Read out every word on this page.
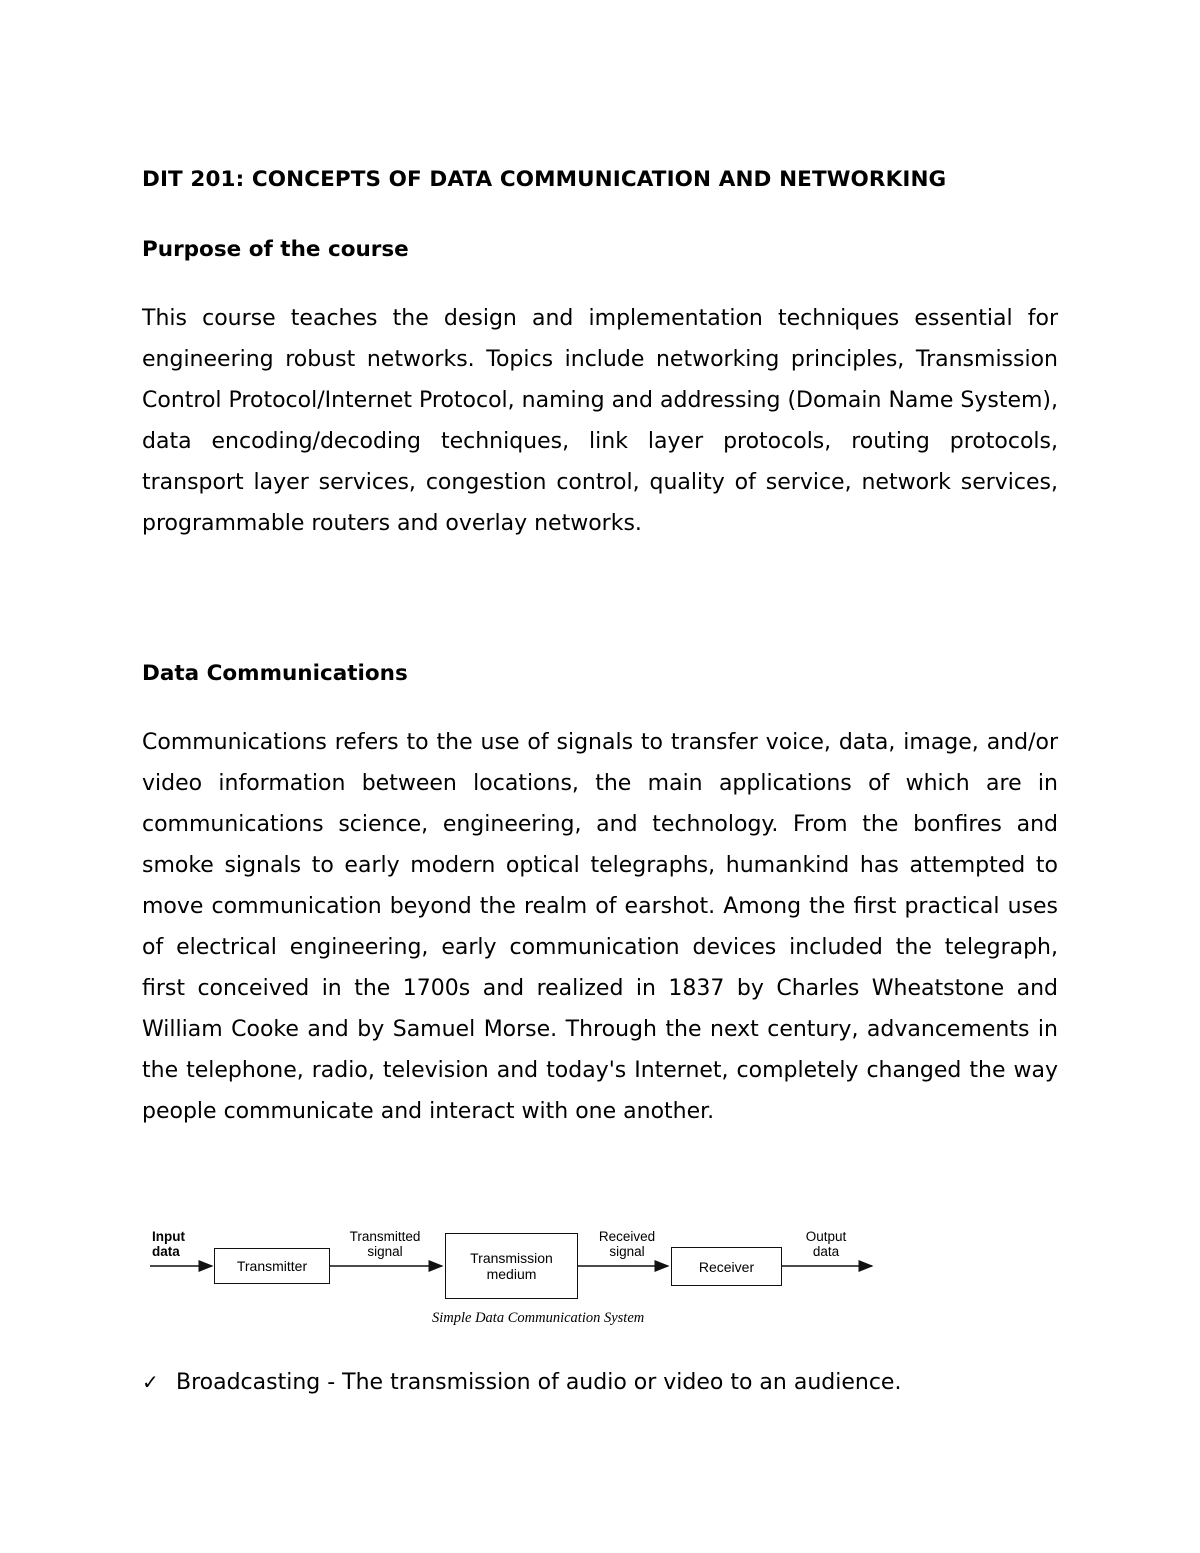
DIT 201: CONCEPTS OF DATA COMMUNICATION AND NETWORKING
Purpose of the course
This course teaches the design and implementation techniques essential for engineering robust networks. Topics include networking principles, Transmission Control Protocol/Internet Protocol, naming and addressing (Domain Name System), data encoding/decoding techniques, link layer protocols, routing protocols, transport layer services, congestion control, quality of service, network services, programmable routers and overlay networks.
Data Communications
Communications refers to the use of signals to transfer voice, data, image, and/or video information between locations, the main applications of which are in communications science, engineering, and technology. From the bonfires and smoke signals to early modern optical telegraphs, humankind has attempted to move communication beyond the realm of earshot. Among the first practical uses of electrical engineering, early communication devices included the telegraph, first conceived in the 1700s and realized in 1837 by Charles Wheatstone and William Cooke and by Samuel Morse. Through the next century, advancements in the telephone, radio, television and today's Internet, completely changed the way people communicate and interact with one another.
Input
data
Transmitter
Transmitted
signal	Transmission
medium
Received
signal
Receiver
Output
data
Simple Data Communication System
✓ Broadcasting - The transmission of audio or video to an audience.
